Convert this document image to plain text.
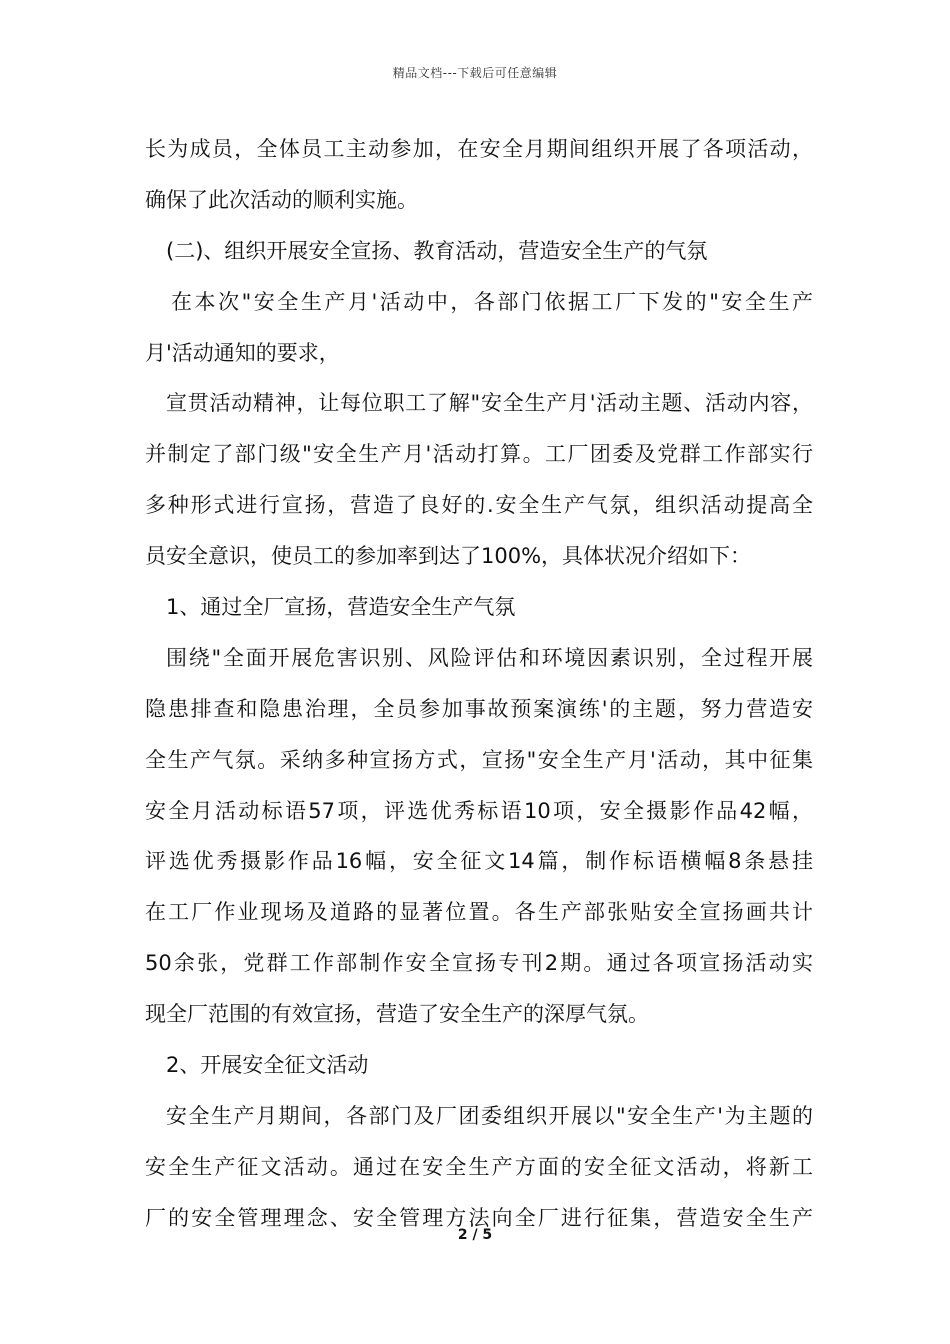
精品文档---下载后可任意编辑
长为成员，全体员工主动参加，在安全月期间组织开展了各项活动，
确保了此次活动的顺利实施。
(二)、组织开展安全宣扬、教育活动，营造安全生产的气氛
在本次"安全生产月'活动中，各部门依据工厂下发的"安全生产
月'活动通知的要求，
宣贯活动精神，让每位职工了解"安全生产月'活动主题、活动内容，
并制定了部门级"安全生产月'活动打算。工厂团委及党群工作部实行
多种形式进行宣扬，营造了良好的.安全生产气氛，组织活动提高全
员安全意识，使员工的参加率到达了100%，具体状况介绍如下：
1、通过全厂宣扬，营造安全生产气氛
围绕"全面开展危害识别、风险评估和环境因素识别，全过程开展
隐患排查和隐患治理，全员参加事故预案演练'的主题，努力营造安
全生产气氛。采纳多种宣扬方式，宣扬"安全生产月'活动，其中征集
安全月活动标语57项，评选优秀标语10项，安全摄影作品42幅，
评选优秀摄影作品16幅，安全征文14篇，制作标语横幅8条悬挂
在工厂作业现场及道路的显著位置。各生产部张贴安全宣扬画共计
50余张，党群工作部制作安全宣扬专刊2期。通过各项宣扬活动实
现全厂范围的有效宣扬，营造了安全生产的深厚气氛。
2、开展安全征文活动
安全生产月期间，各部门及厂团委组织开展以"安全生产'为主题的
安全生产征文活动。通过在安全生产方面的安全征文活动，将新工
厂的安全管理理念、安全管理方法向全厂进行征集，营造安全生产
2 / 5
